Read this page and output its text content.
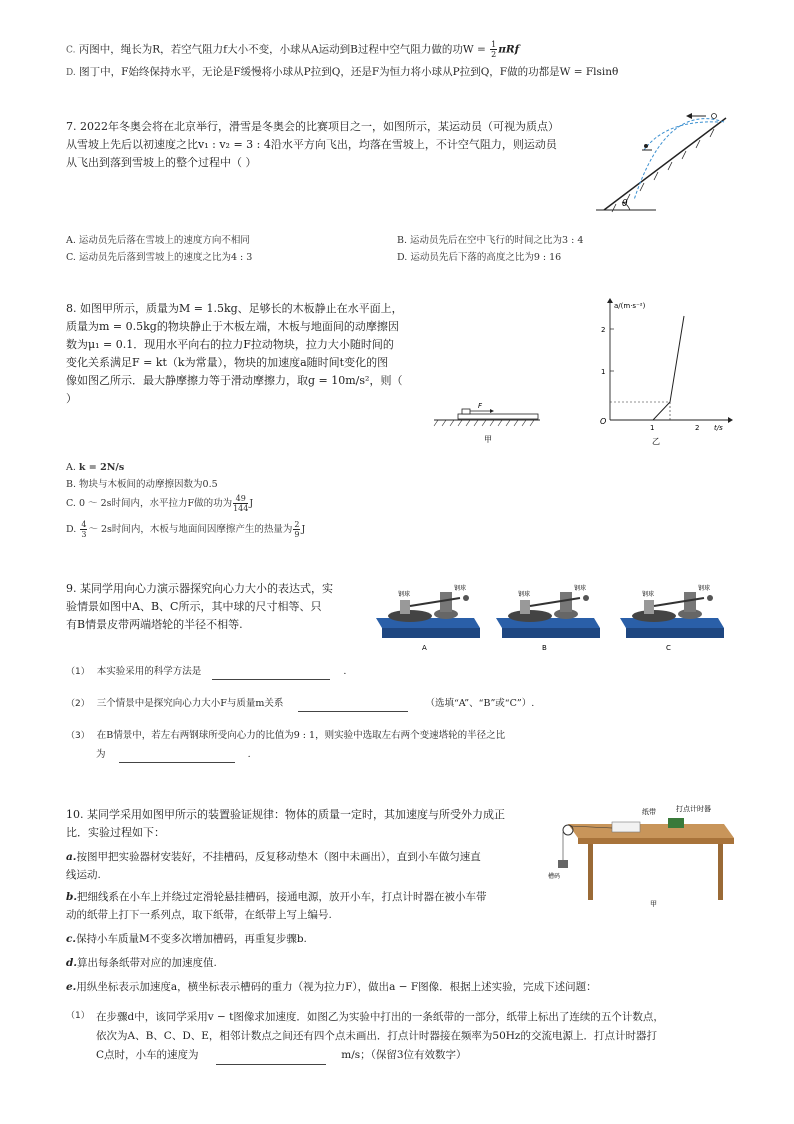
C. 丙图中，绳长为R，若空气阻力f大小不变，小球从A运动到B过程中空气阻力做的功$W = \frac{1}{2}$ πRf
D. 图丁中，F始终保持水平，无论是F缓慢将小球从P拉到Q，还是F为恒力将小球从P拉到Q，F做的功都是W = Flsinθ
7. 2022年冬奥会将在北京举行，滑雪是冬奥会的比赛项目之一，如图所示，某运动员（可视为质点）
从雪坡上先后以初速度之比v₁ : v₂ = 3 : 4沿水平方向飞出，均落在雪坡上，不计空气阻力，则运动员
从飞出到落到雪坡上的整个过程中（ ）
θ
A. 运动员先后落在雪坡上的速度方向不相同	B. 运动员先后在空中飞行的时间之比为3 : 4
C. 运动员先后落到雪坡上的速度之比为4 : 3	D. 运动员先后下落的高度之比为9 : 16
8. 如图甲所示，质量为M = 1.5kg、足够长的木板静止在水平面上，
质量为m = 0.5kg的物块静止于木板左端，木板与地面间的动摩擦因
数为μ₁ = 0.1．现用水平向右的拉力F拉动物块，拉力大小随时间的
变化关系满足F = kt（k为常量），物块的加速度a随时间t变化的图
像如图乙所示．最大静摩擦力等于滑动摩擦力，取g = 10m/s²，则（
）
F
甲
a/(m·s⁻²)
t/s
O
1
2
1	2
乙
A. k = 2N/s
B. 物块与木板间的动摩擦因数为0.5
C. 0 ～ 2s时间内，水平拉力F做的功为 $\frac{49}{144}$ J
D. $\frac{4}{3}$ ～ 2s时间内，木板与地面间因摩擦产生的热量为 $\frac{2}{9}$ J
9. 某同学用向心力演示器探究向心力大小的表达式，实
验情景如图中A、B、C所示，其中球的尺寸相等、只
有B情景皮带两端塔轮的半径不相等.
钢球
钢球
A
钢球
钢球
B
钢球
钢球
C
（1） 本实验采用的科学方法是	.
（2） 三个情景中是探究向心力大小F与质量m关系	（选填“A”、“B”或“C”）.
（3） 在B情景中，若左右两钢球所受向心力的比值为9 : 1，则实验中选取左右两个变速塔轮的半径之比
为	.
10. 某同学采用如图甲所示的装置验证规律：物体的质量一定时，其加速度与所受外力成正
比．实验过程如下：
纸带	打点计时器
槽码
甲
a.按图甲把实验器材安装好，不挂槽码，反复移动垫木（图中未画出），直到小车做匀速直
线运动.
b.把细线系在小车上并绕过定滑轮悬挂槽码，接通电源，放开小车，打点计时器在被小车带
动的纸带上打下一系列点，取下纸带，在纸带上写上编号.
c.保持小车质量M不变多次增加槽码，再重复步骤b.
d.算出每条纸带对应的加速度值.
e.用纵坐标表示加速度a，横坐标表示槽码的重力（视为拉力F），做出a − F图像．根据上述实验，完成下述问题：
（1） 在步骤d中，该同学采用v − t图像求加速度．如图乙为实验中打出的一条纸带的一部分，纸带上标出了连续的五个计数点，
依次为A、B、C、D、E，相邻计数点之间还有四个点未画出．打点计时器接在频率为50Hz的交流电源上．打点计时器打
C点时，小车的速度为	m/s；（保留3位有效数字）
